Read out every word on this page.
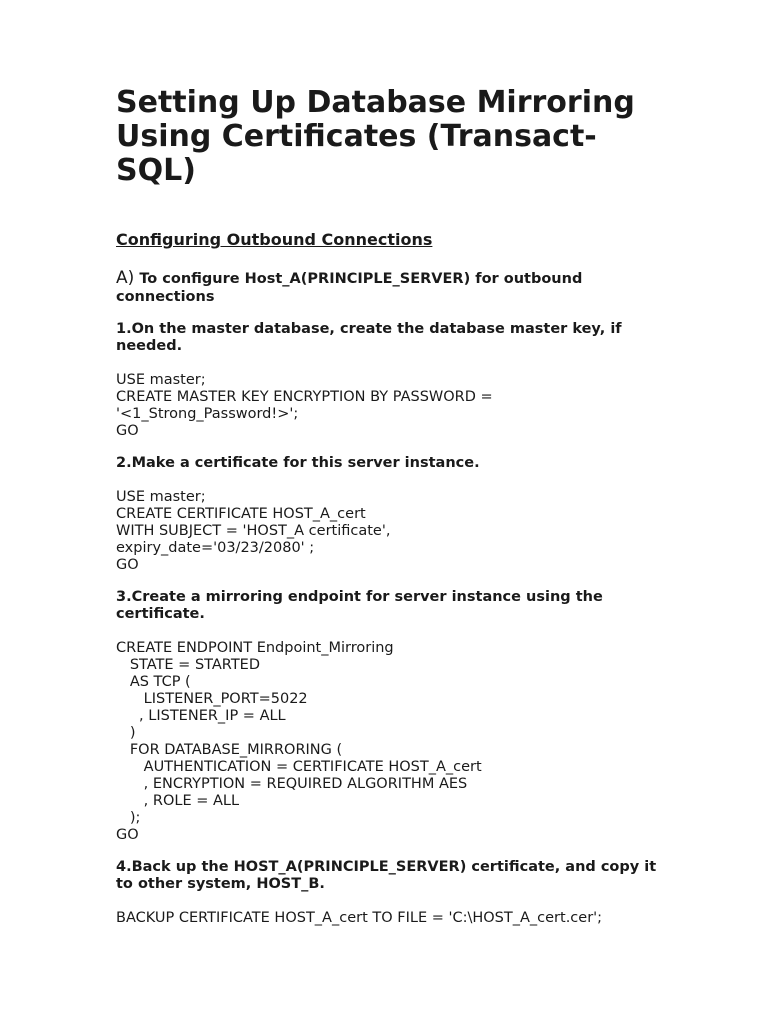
Setting Up Database Mirroring Using Certificates (Transact-SQL)
Configuring Outbound Connections
A) To configure Host_A(PRINCIPLE_SERVER) for outbound connections
1.On the master database, create the database master key, if needed.
USE master;
CREATE MASTER KEY ENCRYPTION BY PASSWORD =
'<1_Strong_Password!>';
GO
2.Make a certificate for this server instance.
USE master;
CREATE CERTIFICATE HOST_A_cert
WITH SUBJECT = 'HOST_A certificate',
expiry_date='03/23/2080' ;
GO
3.Create a mirroring endpoint for server instance using the certificate.
CREATE ENDPOINT Endpoint_Mirroring
STATE = STARTED
AS TCP (
LISTENER_PORT=5022
, LISTENER_IP = ALL
)
FOR DATABASE_MIRRORING (
AUTHENTICATION = CERTIFICATE HOST_A_cert
, ENCRYPTION = REQUIRED ALGORITHM AES
, ROLE = ALL
);
GO
4.Back up the HOST_A(PRINCIPLE_SERVER) certificate, and copy it to other system, HOST_B.
BACKUP CERTIFICATE HOST_A_cert TO FILE = 'C:\HOST_A_cert.cer';
